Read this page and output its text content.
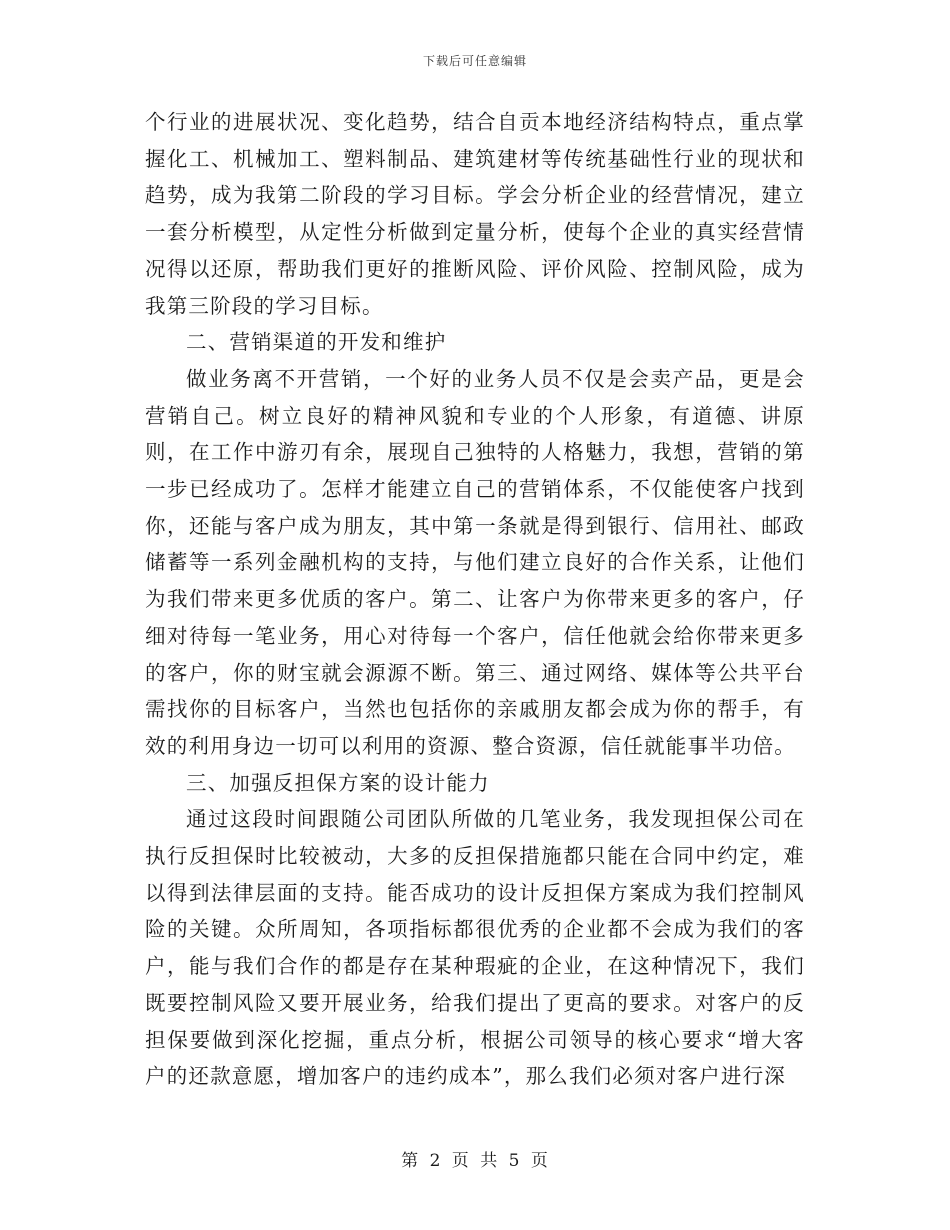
下载后可任意编辑

个行业的进展状况、变化趋势，结合自贡本地经济结构特点，重点掌握化工、机械加工、塑料制品、建筑建材等传统基础性行业的现状和趋势，成为我第二阶段的学习目标。学会分析企业的经营情况，建立一套分析模型，从定性分析做到定量分析，使每个企业的真实经营情况得以还原，帮助我们更好的推断风险、评价风险、控制风险，成为我第三阶段的学习目标。

二、营销渠道的开发和维护

做业务离不开营销，一个好的业务人员不仅是会卖产品，更是会营销自己。树立良好的精神风貌和专业的个人形象，有道德、讲原则，在工作中游刃有余，展现自己独特的人格魅力，我想，营销的第一步已经成功了。怎样才能建立自己的营销体系，不仅能使客户找到你，还能与客户成为朋友，其中第一条就是得到银行、信用社、邮政储蓄等一系列金融机构的支持，与他们建立良好的合作关系，让他们为我们带来更多优质的客户。第二、让客户为你带来更多的客户，仔细对待每一笔业务，用心对待每一个客户，信任他就会给你带来更多的客户，你的财宝就会源源不断。第三、通过网络、媒体等公共平台需找你的目标客户，当然也包括你的亲戚朋友都会成为你的帮手，有效的利用身边一切可以利用的资源、整合资源，信任就能事半功倍。

三、加强反担保方案的设计能力

通过这段时间跟随公司团队所做的几笔业务，我发现担保公司在执行反担保时比较被动，大多的反担保措施都只能在合同中约定，难以得到法律层面的支持。能否成功的设计反担保方案成为我们控制风险的关键。众所周知，各项指标都很优秀的企业都不会成为我们的客户，能与我们合作的都是存在某种瑕疵的企业，在这种情况下，我们既要控制风险又要开展业务，给我们提出了更高的要求。对客户的反担保要做到深化挖掘，重点分析，根据公司领导的核心要求“增大客户的还款意愿，增加客户的违约成本”，那么我们必须对客户进行深

第 2 页 共 5 页
